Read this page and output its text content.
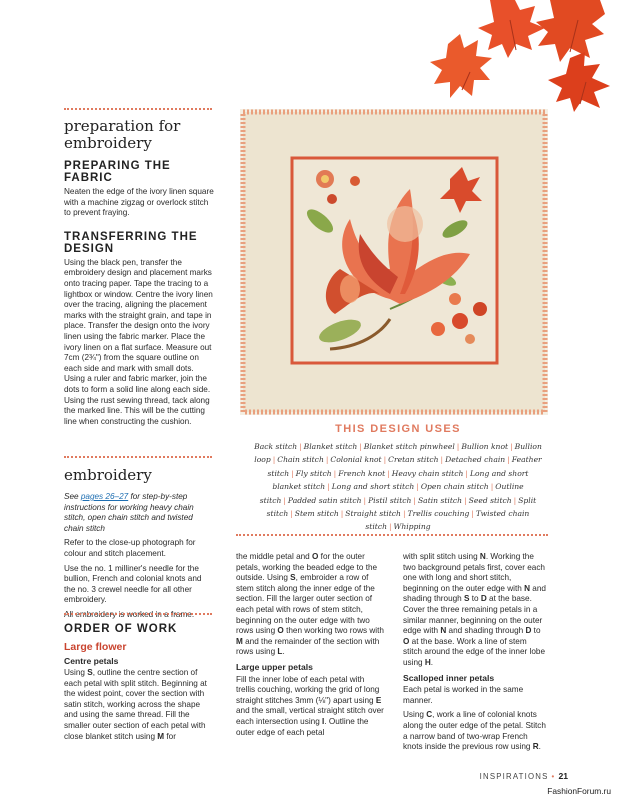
preparation for embroidery
PREPARING THE FABRIC

Neaten the edge of the ivory linen square with a machine zigzag or overlock stitch to prevent fraying.

TRANSFERRING THE DESIGN

Using the black pen, transfer the embroidery design and placement marks onto tracing paper. Tape the tracing to a lightbox or window. Centre the ivory linen over the tracing, aligning the placement marks with the straight grain, and tape in place. Transfer the design onto the ivory linen using the fabric marker. Place the ivory linen on a flat surface. Measure out 7cm (2¾") from the square outline on each side and mark with small dots. Using a ruler and fabric marker, join the dots to form a solid line along each side. Using the rust sewing thread, tack along the marked line. This will be the cutting line when constructing the cushion.

embroidery

See pages 26–27 for step-by-step instructions for working heavy chain stitch, open chain stitch and twisted chain stitch

Refer to the close-up photograph for colour and stitch placement.

Use the no. 1 milliner's needle for the bullion, French and colonial knots and the no. 3 crewel needle for all other embroidery.

All embroidery is worked in a frame.

ORDER OF WORK
Large flower
Centre petals

Using S, outline the centre section of each petal with split stitch. Beginning at the widest point, cover the section with satin stitch, working across the shape and using the same thread. Fill the smaller outer section of each petal with close blanket stitch using M for

THIS DESIGN USES
Back stitch | Blanket stitch | Blanket stitch pinwheel | Bullion knot | Bullion loop | Chain stitch | Colonial knot | Cretan stitch | Detached chain | Feather stitch | Fly stitch | French knot | Heavy chain stitch | Long and short blanket stitch | Long and short stitch | Open chain stitch | Outline stitch | Padded satin stitch | Pistil stitch | Satin stitch | Seed stitch | Split stitch | Stem stitch | Straight stitch | Trellis couching | Twisted chain stitch | Whipping

the middle petal and O for the outer petals, working the beaded edge to the outside. Using S, embroider a row of stem stitch along the inner edge of the section. Fill the larger outer section of each petal with rows of stem stitch, beginning on the outer edge with two rows using O then working two rows with M and the remainder of the section with rows using L.

Large upper petals

Fill the inner lobe of each petal with trellis couching, working the grid of long straight stitches 3mm (⅛") apart using E and the small, vertical straight stitch over each intersection using I. Outline the outer edge of each petal

with split stitch using N. Working the two background petals first, cover each one with long and short stitch, beginning on the outer edge with N and shading through S to D at the base. Cover the three remaining petals in a similar manner, beginning on the outer edge with N and shading through D to O at the base. Work a line of stem stitch around the edge of the inner lobe using H.

Scalloped inner petals

Each petal is worked in the same manner.

Using C, work a line of colonial knots along the outer edge of the petal. Stitch a narrow band of two-wrap French knots inside the previous row using R.

INSPIRATIONS • 21
FashionForum.ru
